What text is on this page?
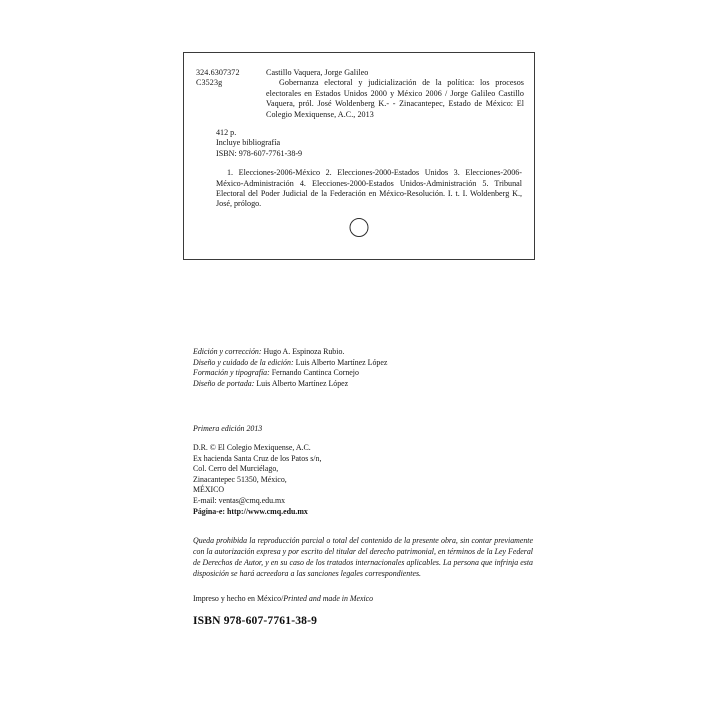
324.6307372
C3523g

Castillo Vaquera, Jorge Galileo

Gobernanza electoral y judicialización de la política: los procesos electorales en Estados Unidos 2000 y México 2006 / Jorge Galileo Castillo Vaquera, pról. José Woldenberg K.- - Zinacantepec, Estado de México: El Colegio Mexiquense, A.C., 2013

412 p.

Incluye bibliografía

ISBN: 978-607-7761-38-9

1. Elecciones-2006-México 2. Elecciones-2000-Estados Unidos 3. Elecciones-2006-México-Administración 4. Elecciones-2000-Estados Unidos-Administración 5. Tribunal Electoral del Poder Judicial de la Federación en México-Resolución. I. t. I. Woldenberg K., José, prólogo.

Edición y corrección: Hugo A. Espinoza Rubio.
Diseño y cuidado de la edición: Luis Alberto Martínez López
Formación y tipografía: Fernando Cantinca Cornejo
Diseño de portada: Luis Alberto Martínez López
Primera edición 2013
D.R. © El Colegio Mexiquense, A.C.
Ex hacienda Santa Cruz de los Patos s/n,
Col. Cerro del Murciélago,
Zinacantepec 51350, México,
MÉXICO
E-mail: ventas@cmq.edu.mx
Página-e: http://www.cmq.edu.mx
Queda prohibida la reproducción parcial o total del contenido de la presente obra, sin contar previamente con la autorización expresa y por escrito del titular del derecho patrimonial, en términos de la Ley Federal de Derechos de Autor, y en su caso de los tratados internacionales aplicables. La persona que infrinja esta disposición se hará acreedora a las sanciones legales correspondientes.
Impreso y hecho en México/Printed and made in Mexico
ISBN 978-607-7761-38-9
